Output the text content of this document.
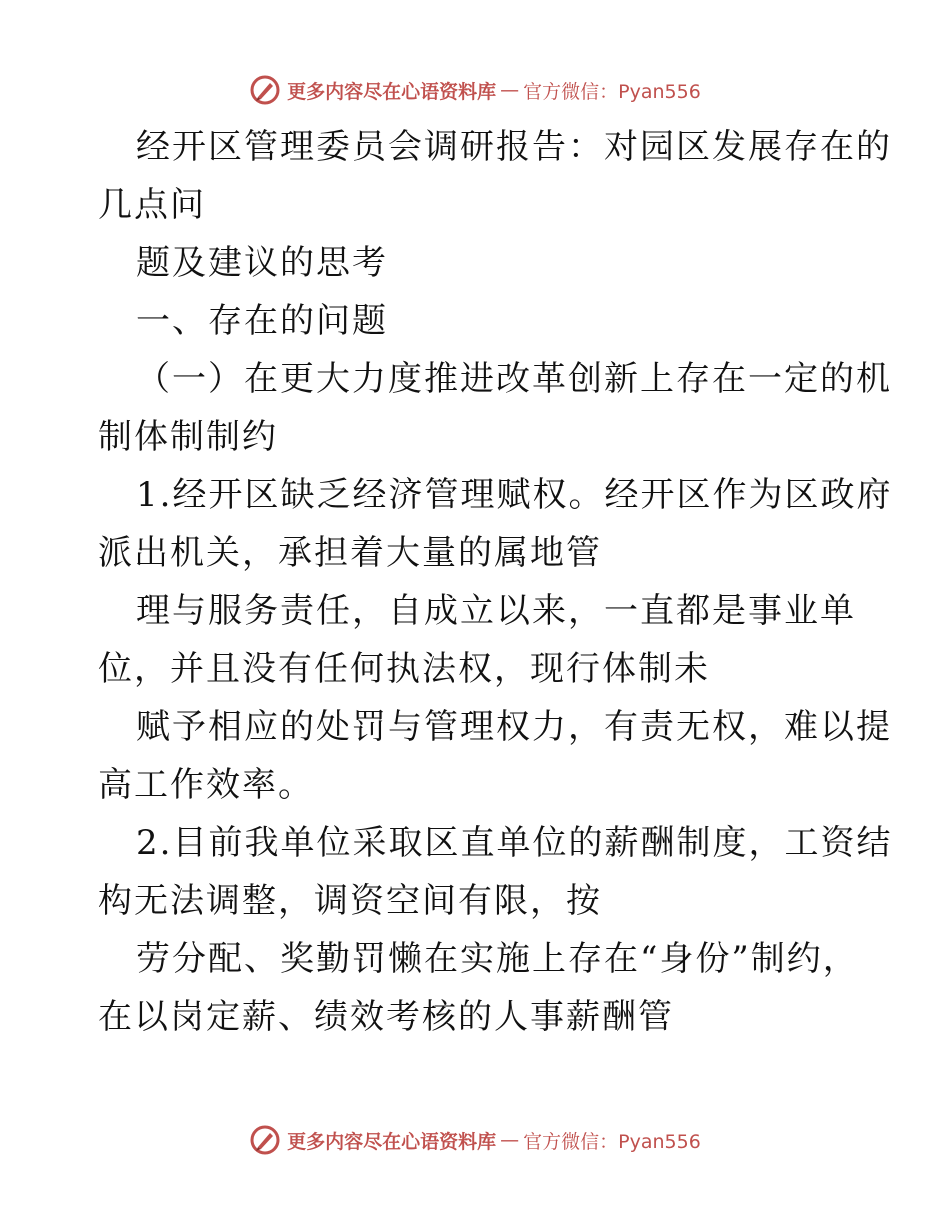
更多内容尽在心语资料库 — 官方微信：Pyan556

经开区管理委员会调研报告：对园区发展存在的
几点问

题及建议的思考

一、存在的问题

（一）在更大力度推进改革创新上存在一定的机
制体制制约

1.经开区缺乏经济管理赋权。经开区作为区政府
派出机关，承担着大量的属地管

理与服务责任，自成立以来，一直都是事业单
位，并且没有任何执法权，现行体制未

赋予相应的处罚与管理权力，有责无权，难以提
高工作效率。

2.目前我单位采取区直单位的薪酬制度，工资结
构无法调整，调资空间有限，按

劳分配、奖勤罚懒在实施上存在“身份”制约，
在以岗定薪、绩效考核的人事薪酬管

更多内容尽在心语资料库 — 官方微信：Pyan556
